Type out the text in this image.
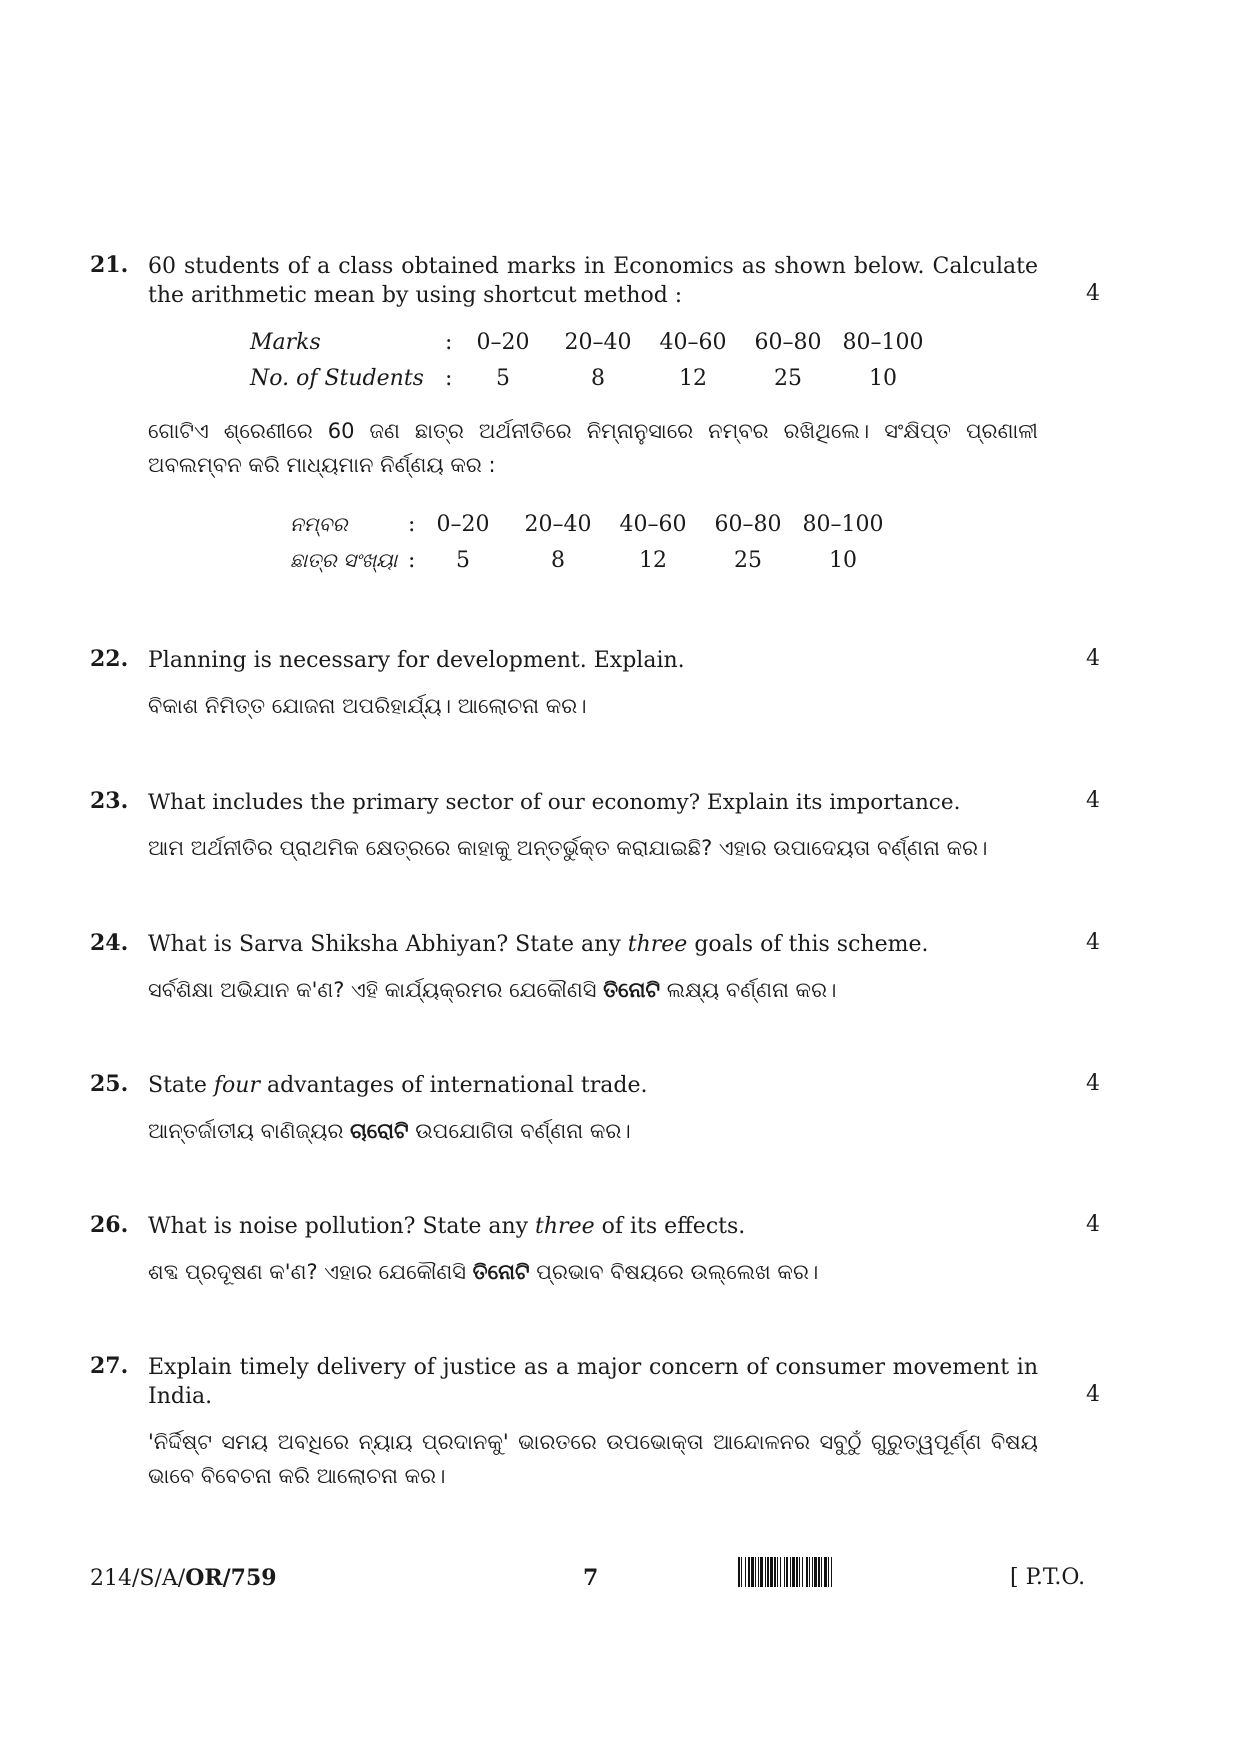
21. 60 students of a class obtained marks in Economics as shown below. Calculate the arithmetic mean by using shortcut method :	4
Marks	:	0–20	20–40	40–60	60–80 80–100
No. of Students :	5	8	12	25	10
ଗୋଟିଏ ଶ୍ରେଣୀରେ 60 ଜଣ ଛାତ୍ର ଅର୍ଥନୀତିରେ ନିମ୍ନାନୁସାରେ ନମ୍ବର ରଖିଥିଲେ। ସଂକ୍ଷିପ୍ତ ପ୍ରଣାଳୀ ଅବଲମ୍ବନ କରି ମାଧ୍ୟମାନ ନିର୍ଣ୍ଣୟ କର :
ନମ୍ବର	: 0–20	20–40	40–60	60–80 80–100
ଛାତ୍ର ସଂଖ୍ୟା :	5	8	12	25	10
22. Planning is necessary for development. Explain.
ବିକାଶ ନିମିତ୍ତ ଯୋଜନା ଅପରିହାର୍ଯ୍ୟ। ଆଲୋଚନା କର।
4
23. What includes the primary sector of our economy? Explain its importance.
ଆମ ଅର୍ଥନୀତିର ପ୍ରାଥମିକ କ୍ଷେତ୍ରରେ କାହାକୁ ଅନ୍ତର୍ଭୁକ୍ତ କରାଯାଇଛି? ଏହାର ଉପାଦେୟତା ବର୍ଣ୍ଣନା କର।
4
24. What is Sarva Shiksha Abhiyan? State any three goals of this scheme.
ସର୍ବଶିକ୍ଷା ଅଭିଯାନ କ'ଣ? ଏହି କାର୍ଯ୍ୟକ୍ରମର ଯେକୌଣସି ତିନୋଟି ଲକ୍ଷ୍ୟ ବର୍ଣ୍ଣନା କର।
4
25. State four advantages of international trade.
ଆନ୍ତର୍ଜାତୀୟ ବାଣିଜ୍ୟର ଚାରୋଟି ଉପଯୋଗିତା ବର୍ଣ୍ଣନା କର।
4
26. What is noise pollution? State any three of its effects.
ଶବ୍ଦ ପ୍ରଦୂଷଣ କ'ଣ? ଏହାର ଯେକୌଣସି ତିନୋଟି ପ୍ରଭାବ ବିଷୟରେ ଉଲ୍ଲେଖ କର।
4
27. Explain timely delivery of justice as a major concern of consumer movement in India.
'ନିର୍ଦ୍ଦିଷ୍ଟ ସମୟ ଅବଧିରେ ନ୍ୟାୟ ପ୍ରଦାନକୁ' ଭାରତରେ ଉପଭୋକ୍ତା ଆନ୍ଦୋଳନର ସବୁଠୁଁ ଗୁରୁତ୍ୱପୂର୍ଣ୍ଣ ବିଷୟ ଭାବେ ବିବେଚନା କରି ଆଲୋଚନା କର।
4
214/S/A/OR/759	7	[ P.T.O.
